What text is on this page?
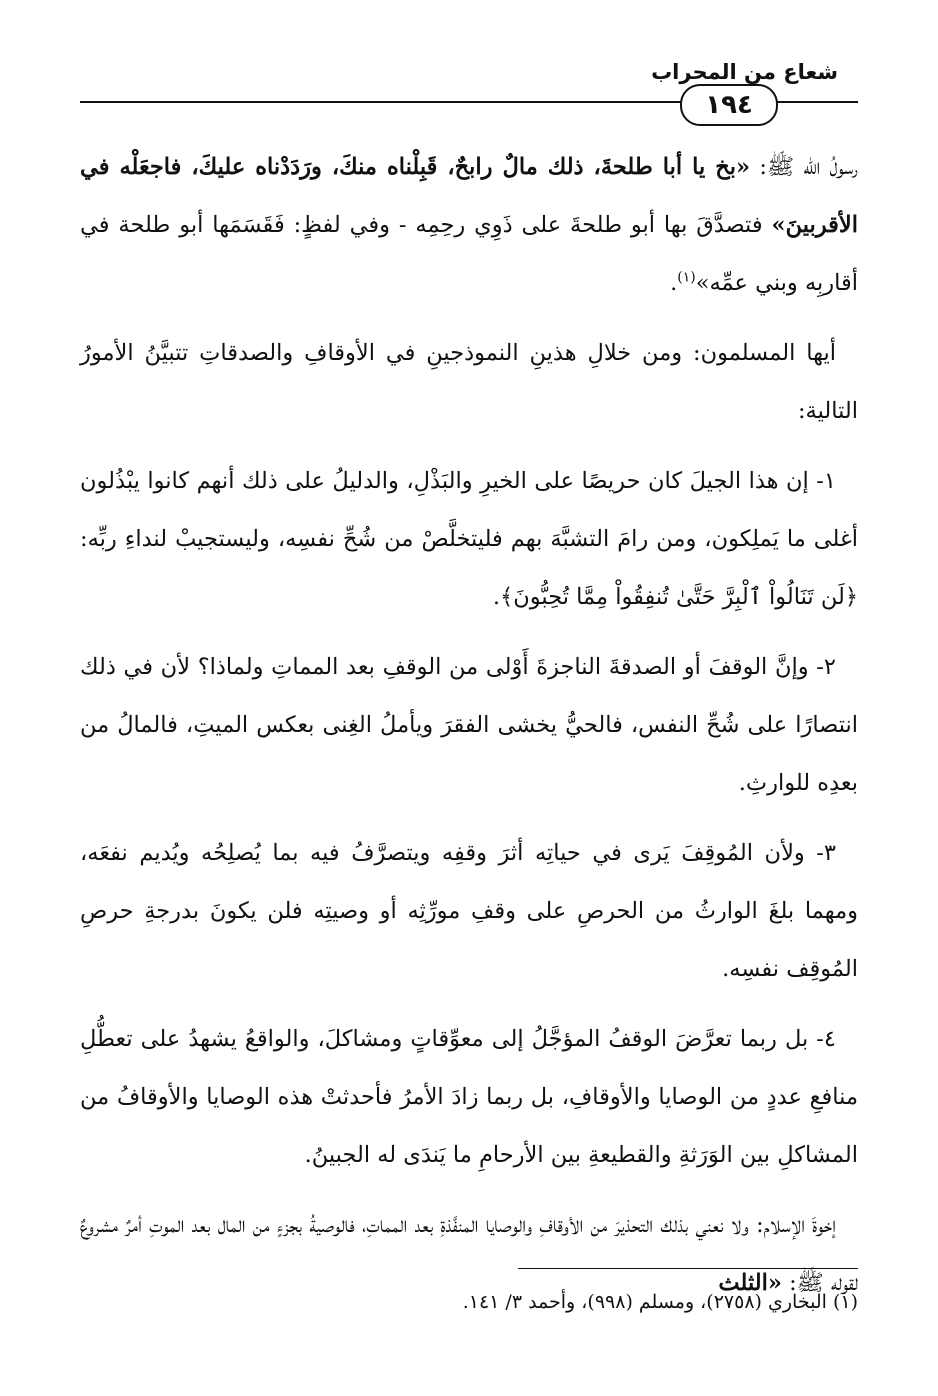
شعاع من المحراب
١٩٤

رسولُ الله ﷺ: «بخ يا أبا طلحةَ، ذلك مالٌ رابحٌ، قَبِلْناه منكَ، ورَدَدْناه عليكَ، فاجعَلْه في الأقربينَ» فتصدَّقَ بها أبو طلحةَ على ذَوِي رحِمِه - وفي لفظٍ: فَقَسَمَها أبو طلحة في أقاربِه وبني عمِّه»$^{(١)}$.

أيها المسلمون: ومن خلالِ هذينِ النموذجينِ في الأوقافِ والصدقاتِ تتبيَّنُ الأمورُ التالية:

١- إن هذا الجيلَ كان حريصًا على الخيرِ والبَذْلِ، والدليلُ على ذلك أنهم كانوا يبْذُلون أغلى ما يَملِكون، ومن رامَ التشبَّهَ بهم فليتخلَّصْ من شُحِّ نفسِه، وليستجيبْ لنداءِ ربِّه: ﴿لَن تَنَالُواْ ٱلْبِرَّ حَتَّىٰ تُنفِقُواْ مِمَّا تُحِبُّونَ﴾.

٢- وإنَّ الوقفَ أو الصدقةَ الناجزةَ أَوْلى من الوقفِ بعد المماتِ ولماذا؟ لأن في ذلك انتصارًا على شُحِّ النفس، فالحيُّ يخشى الفقرَ ويأملُ الغِنى بعكس الميتِ، فالمالُ من بعدِه للوارثِ.

٣- ولأن المُوقِفَ يَرى في حياتِه أثرَ وقفِه ويتصرَّفُ فيه بما يُصلِحُه ويُديم نفعَه، ومهما بلغَ الوارثُ من الحرصِ على وقفِ مورِّثِه أو وصيتِه فلن يكونَ بدرجةِ حرصِ المُوقِف نفسِه.

٤- بل ربما تعرَّضَ الوقفُ المؤجَّلُ إلى معوِّقاتٍ ومشاكلَ، والواقعُ يشهدُ على تعطُّلِ منافعِ عددٍ من الوصايا والأوقافِ، بل ربما زادَ الأمرُ فأحدثتْ هذه الوصايا والأوقافُ من المشاكلِ بين الوَرَثةِ والقطيعةِ بين الأرحامِ ما يَندَى له الجبينُ.

إخوةَ الإسلام: ولا نعني بذلك التحذيرَ من الأوقافِ والوصايا المنفَّذةِ بعد المماتِ، فالوصيةُ بجزءٍ من المال بعد الموتِ أمرٌ مشروعٌ لقوله ﷺ: «الثلث

(١) البخاري (٢٧٥٨)، ومسلم (٩٩٨)، وأحمد ٣/ ١٤١.
